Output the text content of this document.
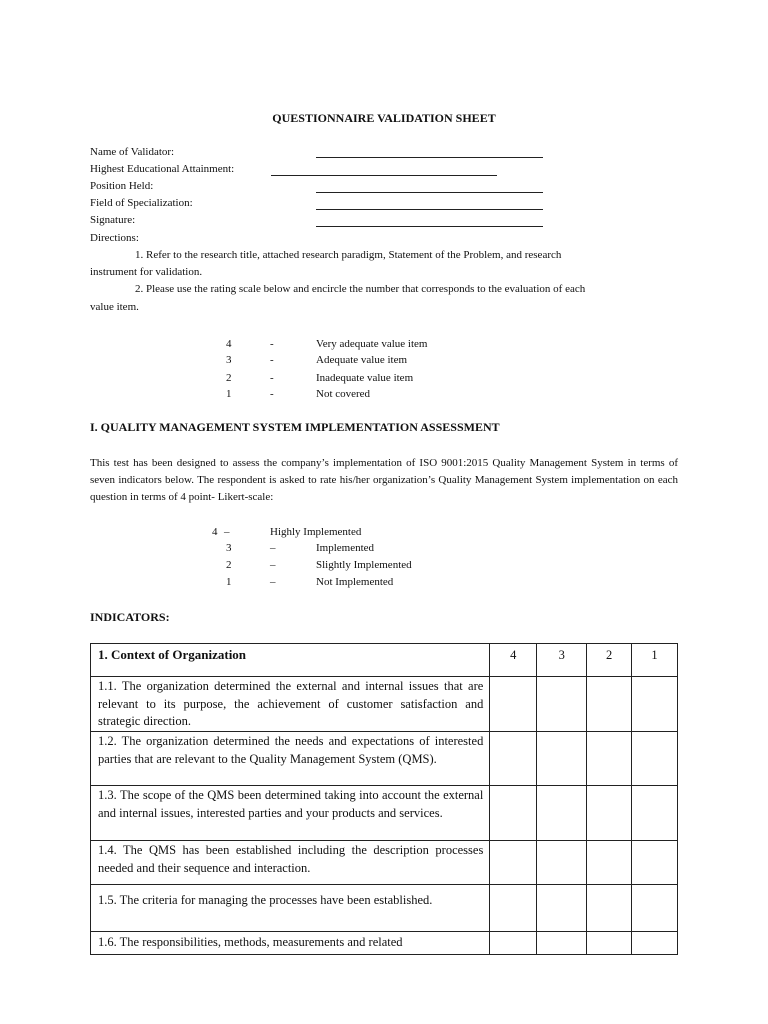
QUESTIONNAIRE VALIDATION SHEET
Name of Validator:
Highest Educational Attainment:
Position Held:
Field of Specialization:
Signature:
Directions:
1. Refer to the research title, attached research paradigm, Statement of the Problem, and research
instrument for validation.
2. Please use the rating scale below and encircle the number that corresponds to the evaluation of each
value item.
4	-	Very adequate value item
3	-	Adequate value item
2	-	Inadequate value item
1	-	Not covered
I. QUALITY MANAGEMENT SYSTEM IMPLEMENTATION ASSESSMENT
This test has been designed to assess the company’s implementation of ISO 9001:2015 Quality Management System in terms of seven indicators below. The respondent is asked to rate his/her organization’s Quality Management System implementation on each question in terms of 4 point- Likert-scale:
4 –	Highly Implemented
3	–	Implemented
2	–	Slightly Implemented
1	–	Not Implemented
INDICATORS:
1. Context of Organization	4	3	2	1
1.1. The organization determined the external and internal issues that are relevant to its purpose, the achievement of customer satisfaction and strategic direction.				
1.2. The organization determined the needs and expectations of interested parties that are relevant to the Quality Management System (QMS).				
1.3. The scope of the QMS been determined taking into account the external and internal issues, interested parties and your products and services.				
1.4. The QMS has been established including the description processes needed and their sequence and interaction.				
1.5. The criteria for managing the processes have been established.				
1.6. The responsibilities, methods, measurements and related				
